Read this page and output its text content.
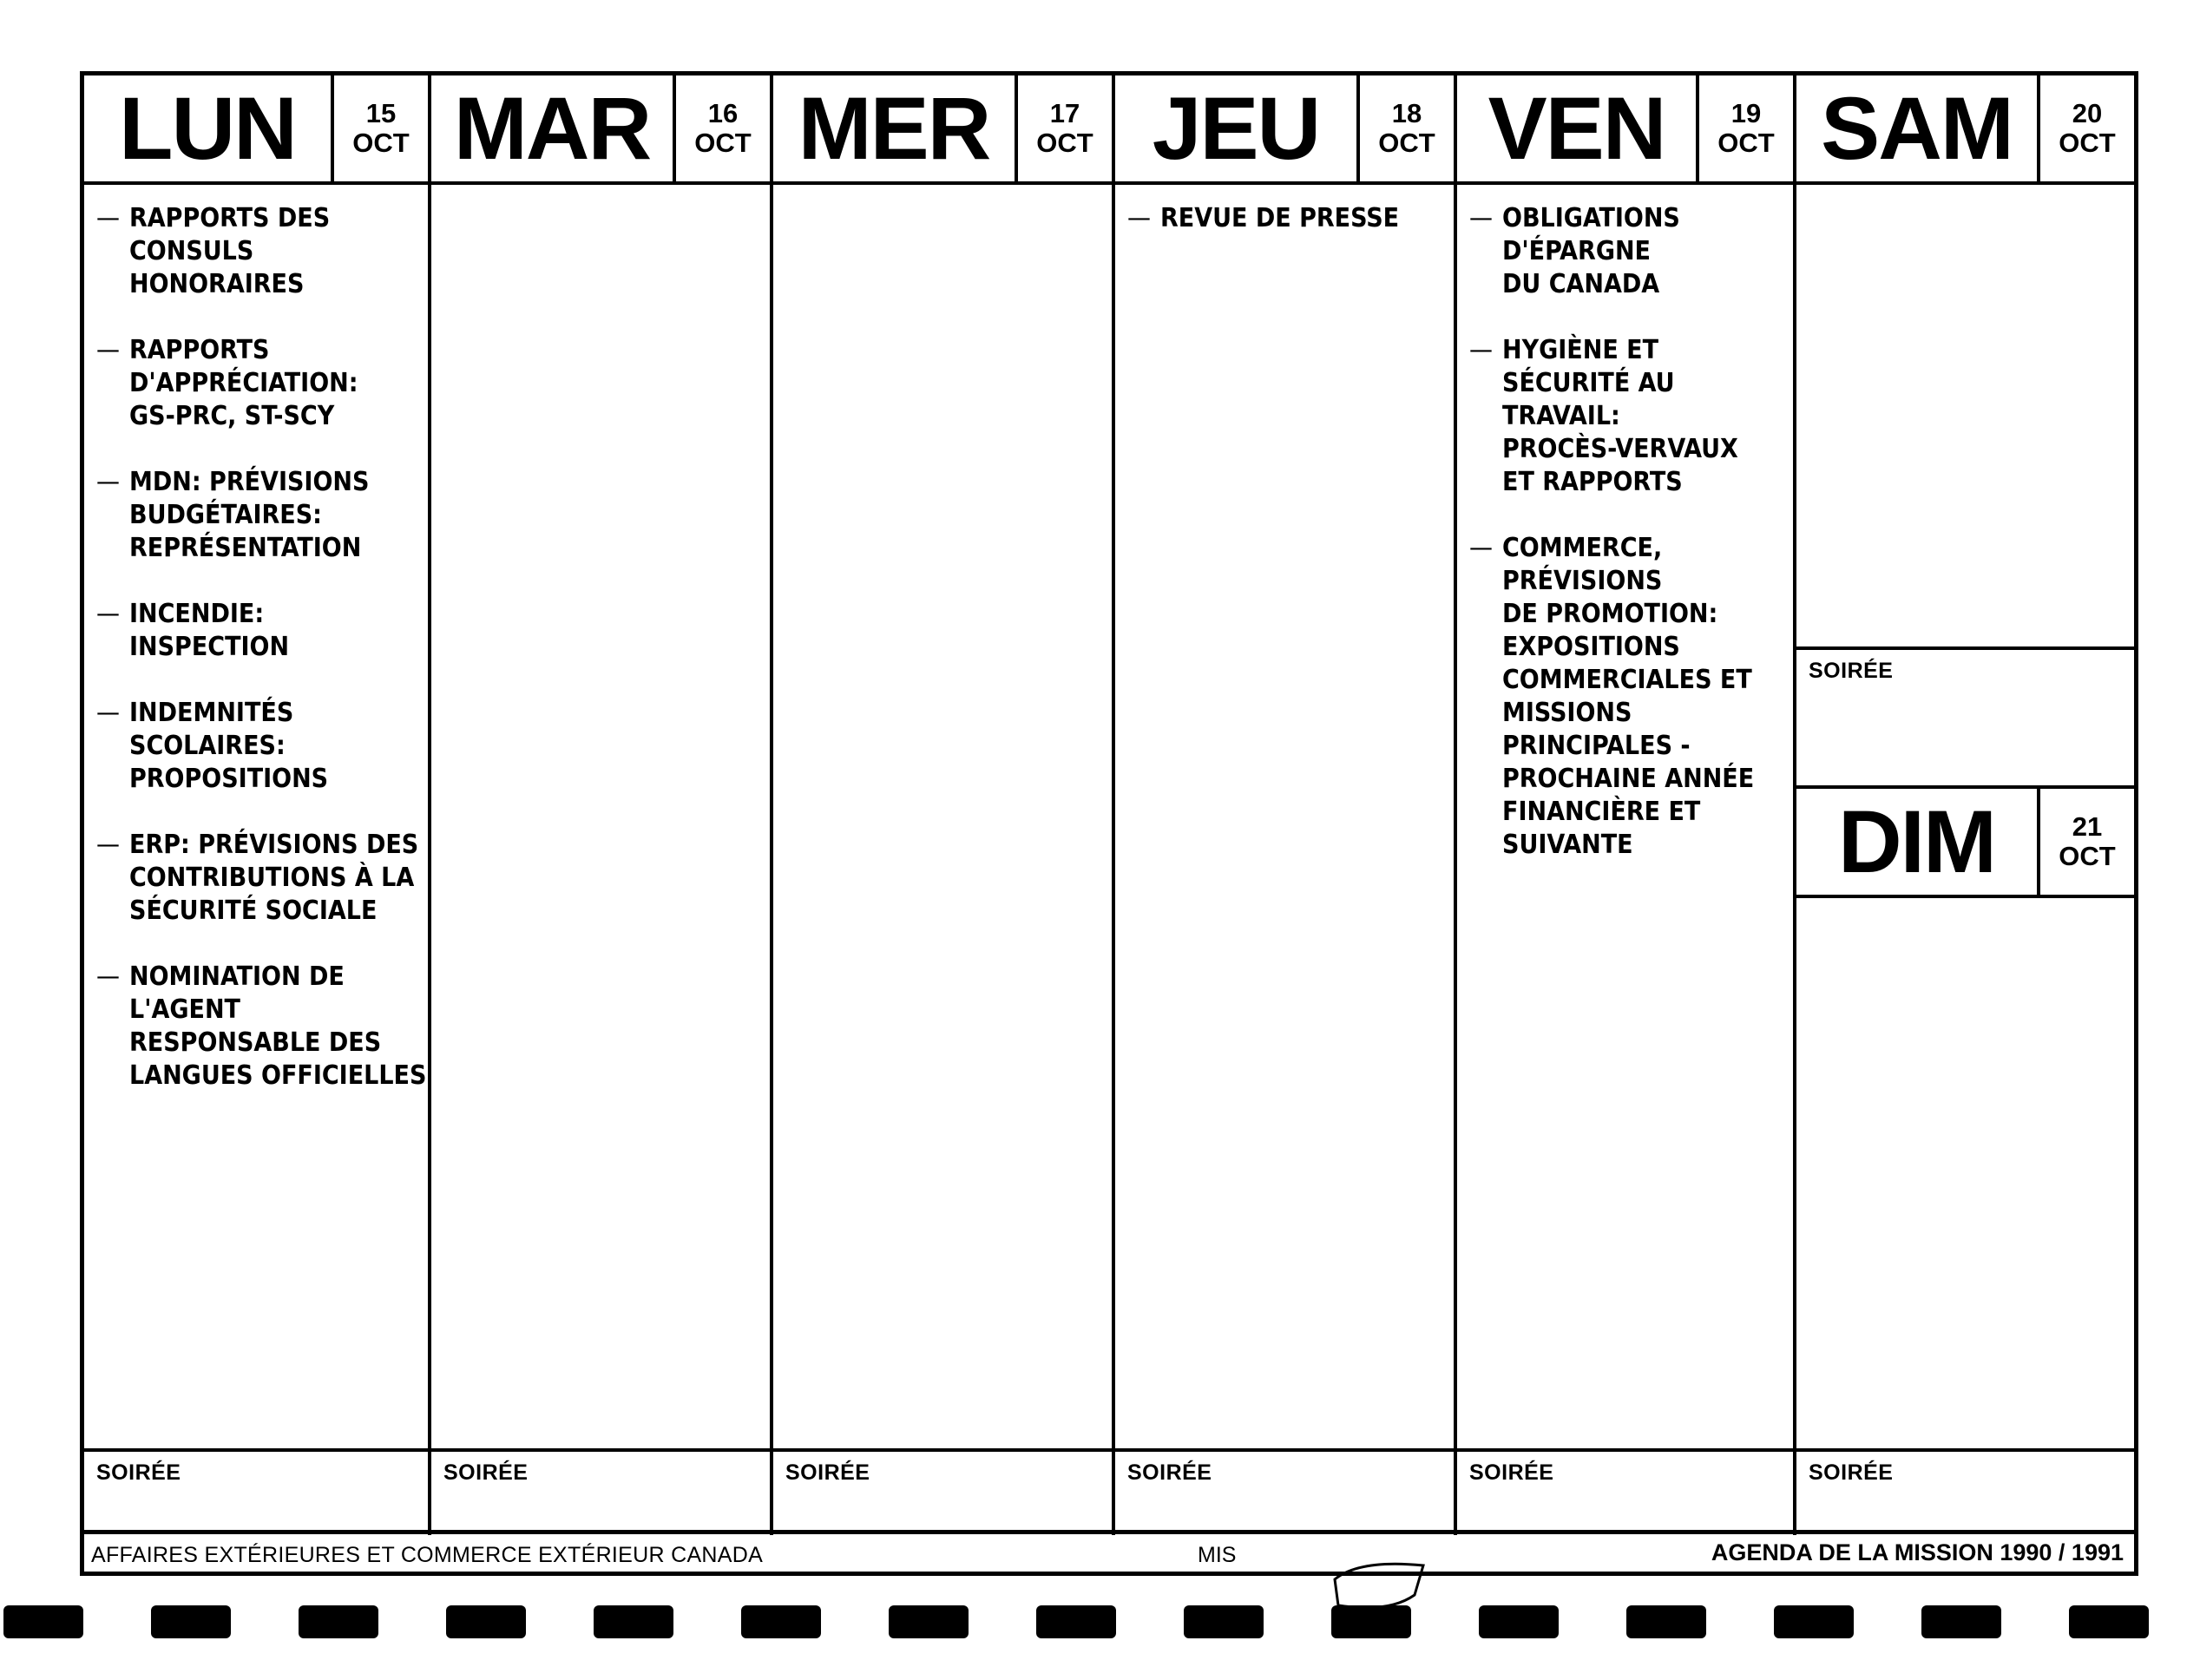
LUN	15
OCT
— RAPPORTS DES
CONSULS HONORAIRES
— RAPPORTS
D'APPRÉCIATION:
GS-PRC, ST-SCY
— MDN: PRÉVISIONS
BUDGÉTAIRES:
REPRÉSENTATION
— INCENDIE: INSPECTION
— INDEMNITÉS SCOLAIRES:
PROPOSITIONS
— ERP: PRÉVISIONS DES
CONTRIBUTIONS À LA
SÉCURITÉ SOCIALE
— NOMINATION DE L'AGENT
RESPONSABLE DES
LANGUES OFFICIELLES
SOIRÉE
MAR	16
OCT
SOIRÉE
MER	17
OCT
SOIRÉE
JEU	18
OCT
— REVUE DE PRESSE
SOIRÉE
VEN	19
OCT
— OBLIGATIONS D'ÉPARGNE
DU CANADA
— HYGIÈNE ET
SÉCURITÉ AU TRAVAIL:
PROCÈS-VERVAUX
ET RAPPORTS
— COMMERCE, PRÉVISIONS
DE PROMOTION:
EXPOSITIONS
COMMERCIALES ET
MISSIONS PRINCIPALES -
PROCHAINE ANNÉE
FINANCIÈRE ET SUIVANTE
SOIRÉE
SAM	20
OCT
SOIRÉE
DIM	21
OCT
SOIRÉE
AFFAIRES EXTÉRIEURES ET COMMERCE EXTÉRIEUR CANADA	MIS	AGENDA DE LA MISSION 1990 / 1991
